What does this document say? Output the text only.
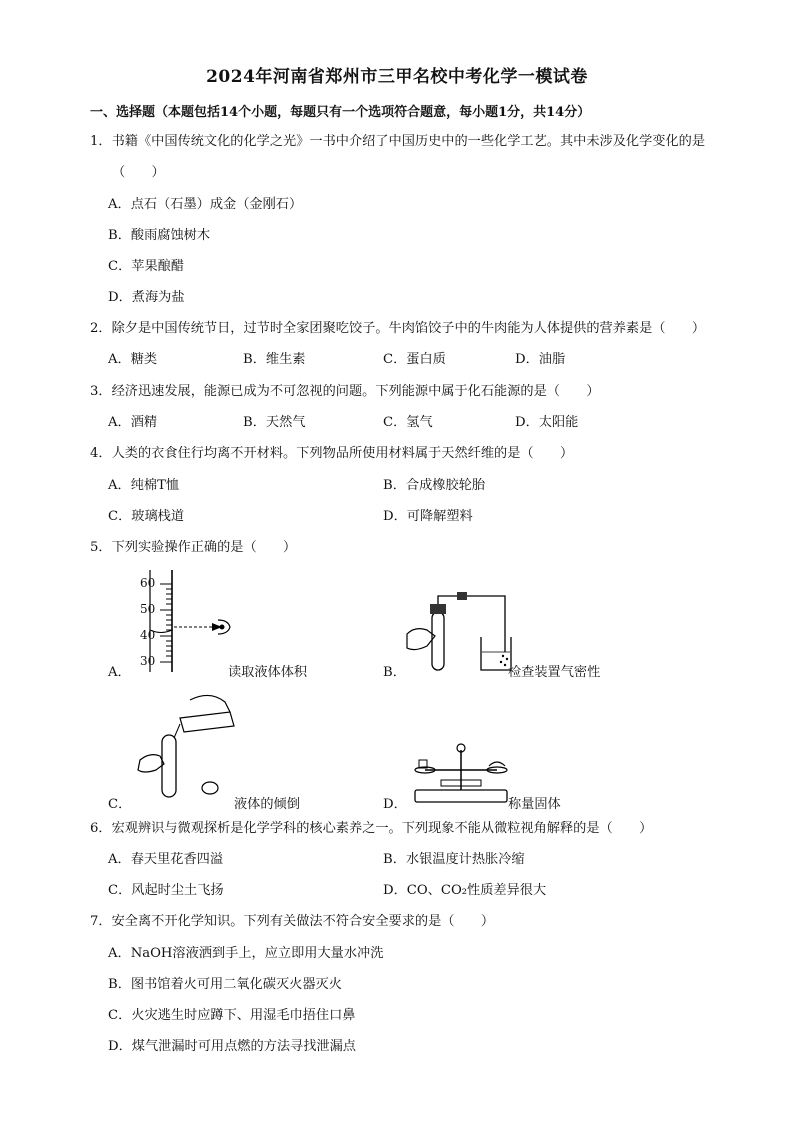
2024年河南省郑州市三甲名校中考化学一模试卷
一、选择题（本题包括14个小题，每题只有一个选项符合题意，每小题1分，共14分）
1．书籍《中国传统文化的化学之光》一书中介绍了中国历史中的一些化学工艺。其中未涉及化学变化的是
（　　）
A．点石（石墨）成金（金刚石）
B．酸雨腐蚀树木
C．苹果酿醋
D．煮海为盐
2．除夕是中国传统节日，过节时全家团聚吃饺子。牛肉馅饺子中的牛肉能为人体提供的营养素是（　　）
A．糖类	B．维生素	C．蛋白质	D．油脂
3．经济迅速发展，能源已成为不可忽视的问题。下列能源中属于化石能源的是（　　）
A．酒精	B．天然气	C．氢气	D．太阳能
4．人类的衣食住行均离不开材料。下列物品所使用材料属于天然纤维的是（　　）
A．纯棉T恤	B．合成橡胶轮胎
C．玻璃栈道	D．可降解塑料
5．下列实验操作正确的是（　　）
A．
60
50
40
30
读取液体体积	B．	检查装置气密性
C．	液体的倾倒	D．	称量固体
6．宏观辨识与微观探析是化学学科的核心素养之一。下列现象不能从微粒视角解释的是（　　）
A．春天里花香四溢	B．水银温度计热胀冷缩
C．风起时尘土飞扬	D．CO、CO₂性质差异很大
7．安全离不开化学知识。下列有关做法不符合安全要求的是（　　）
A．NaOH溶液洒到手上，应立即用大量水冲洗
B．图书馆着火可用二氧化碳灭火器灭火
C．火灾逃生时应蹲下、用湿毛巾捂住口鼻
D．煤气泄漏时可用点燃的方法寻找泄漏点
